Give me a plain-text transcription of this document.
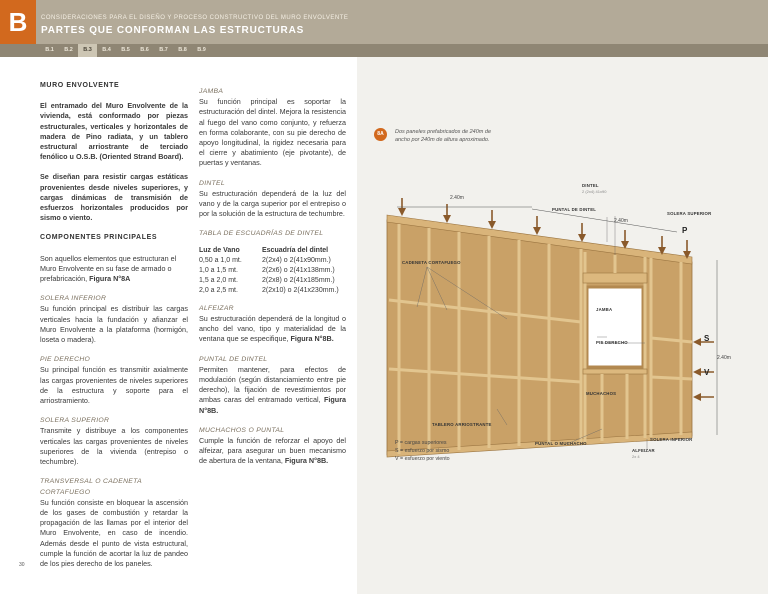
B	CONSIDERACIONES PARA EL DISEÑO Y PROCESO CONSTRUCTIVO DEL MURO ENVOLVENTE
PARTES QUE CONFORMAN LAS ESTRUCTURAS
B.1	B.2	B.3	B.4	B.5	B.6	B.7	B.8	B.9
MURO ENVOLVENTE
El entramado del Muro Envolvente de la vivienda, está conformado por piezas estructurales, verticales y horizontales de madera de Pino radiata, y un tablero estructural arriostrante de terciado fenólico u O.S.B. (Oriented Strand Board).
Se diseñan para resistir cargas estáticas provenientes desde niveles superiores, y cargas dinámicas de transmisión de esfuerzos horizontales producidos por sismo o viento.
COMPONENTES PRINCIPALES
Son aquellos elementos que estructuran el Muro Envolvente en su fase de armado o prefabricación, Figura N°8A
SOLERA INFERIOR
Su función principal es distribuir las cargas verticales hacia la fundación y afianzar el Muro Envolvente a la plataforma (hormigón, loseta o madera).
PIE DERECHO
Su principal función es transmitir axialmente las cargas provenientes de niveles superiores de la estructura y soporte para el arriostramiento.
SOLERA SUPERIOR
Transmite y distribuye a los componentes verticales las cargas provenientes de niveles superiores de la vivienda (entrepiso o techumbre).
TRANSVERSAL O CADENETA CORTAFUEGO
Su función consiste en bloquear la ascensión de los gases de combustión y retardar la propagación de las llamas por el interior del Muro Envolvente, en caso de incendio. Además desde el punto de vista estructural, cumple la función de acortar la luz de pandeo de los pies derecho de los paneles.
JAMBA
Su función principal es soportar la estructuración del dintel. Mejora la resistencia al fuego del vano como conjunto, y refuerza en forma colaborante, con su pie derecho de apoyo longitudinal, la rigidez necesaria para el cierre y abatimiento (eje pivotante), de puertas y ventanas.
DINTEL
Su estructuración dependerá de la luz del vano y de la carga superior por el entrepiso o por la solución de la estructura de techumbre.
TABLA DE ESCUADRÍAS DE DINTEL
Luz de Vano	Escuadría del dintel
0,50 a 1,0 mt.	2(2x4) o 2(41x90mm.)
1,0 a 1,5 mt.	2(2x6) o 2(41x138mm.)
1,5 a 2,0 mt.	2(2x8) o 2(41x185mm.)
2,0 a 2,5 mt.	2(2x10) o 2(41x230mm.)
ALFEIZAR
Su estructuración dependerá de la longitud o ancho del vano, tipo y materialidad de la ventana que se especifique, Figura N°8B.
PUNTAL DE DINTEL
Permiten mantener, para efectos de modulación (según distanciamiento entre pie derecho), la fijación de revestimientos por ambas caras del entramado vertical, Figura N°8B.
MUCHACHOS O PUNTAL
Cumple la función de reforzar el apoyo del alfeizar, para asegurar un buen mecanismo de abertura de la ventana, Figura N°8B.
30
8A	Dos paneles prefabricados de 240m de ancho por 240m de altura aproximado.
DINTEL
2 (2x4) 41x90
PUNTAL DE DINTEL
SOLERA SUPERIOR
CADENETA CORTAFUEGO
JAMBA
PIE DERECHO
MUCHACHOS
TABLERO ARRIOSTRANTE
PUNTAL O MUCHACHO
SOLERA INFERIOR
ALFEIZAR
2x 4
2.40m
2.40m
2.40m
P
S
V
P = cargas superiores
S = esfuerzo por sismo
V = esfuerzo por viento
